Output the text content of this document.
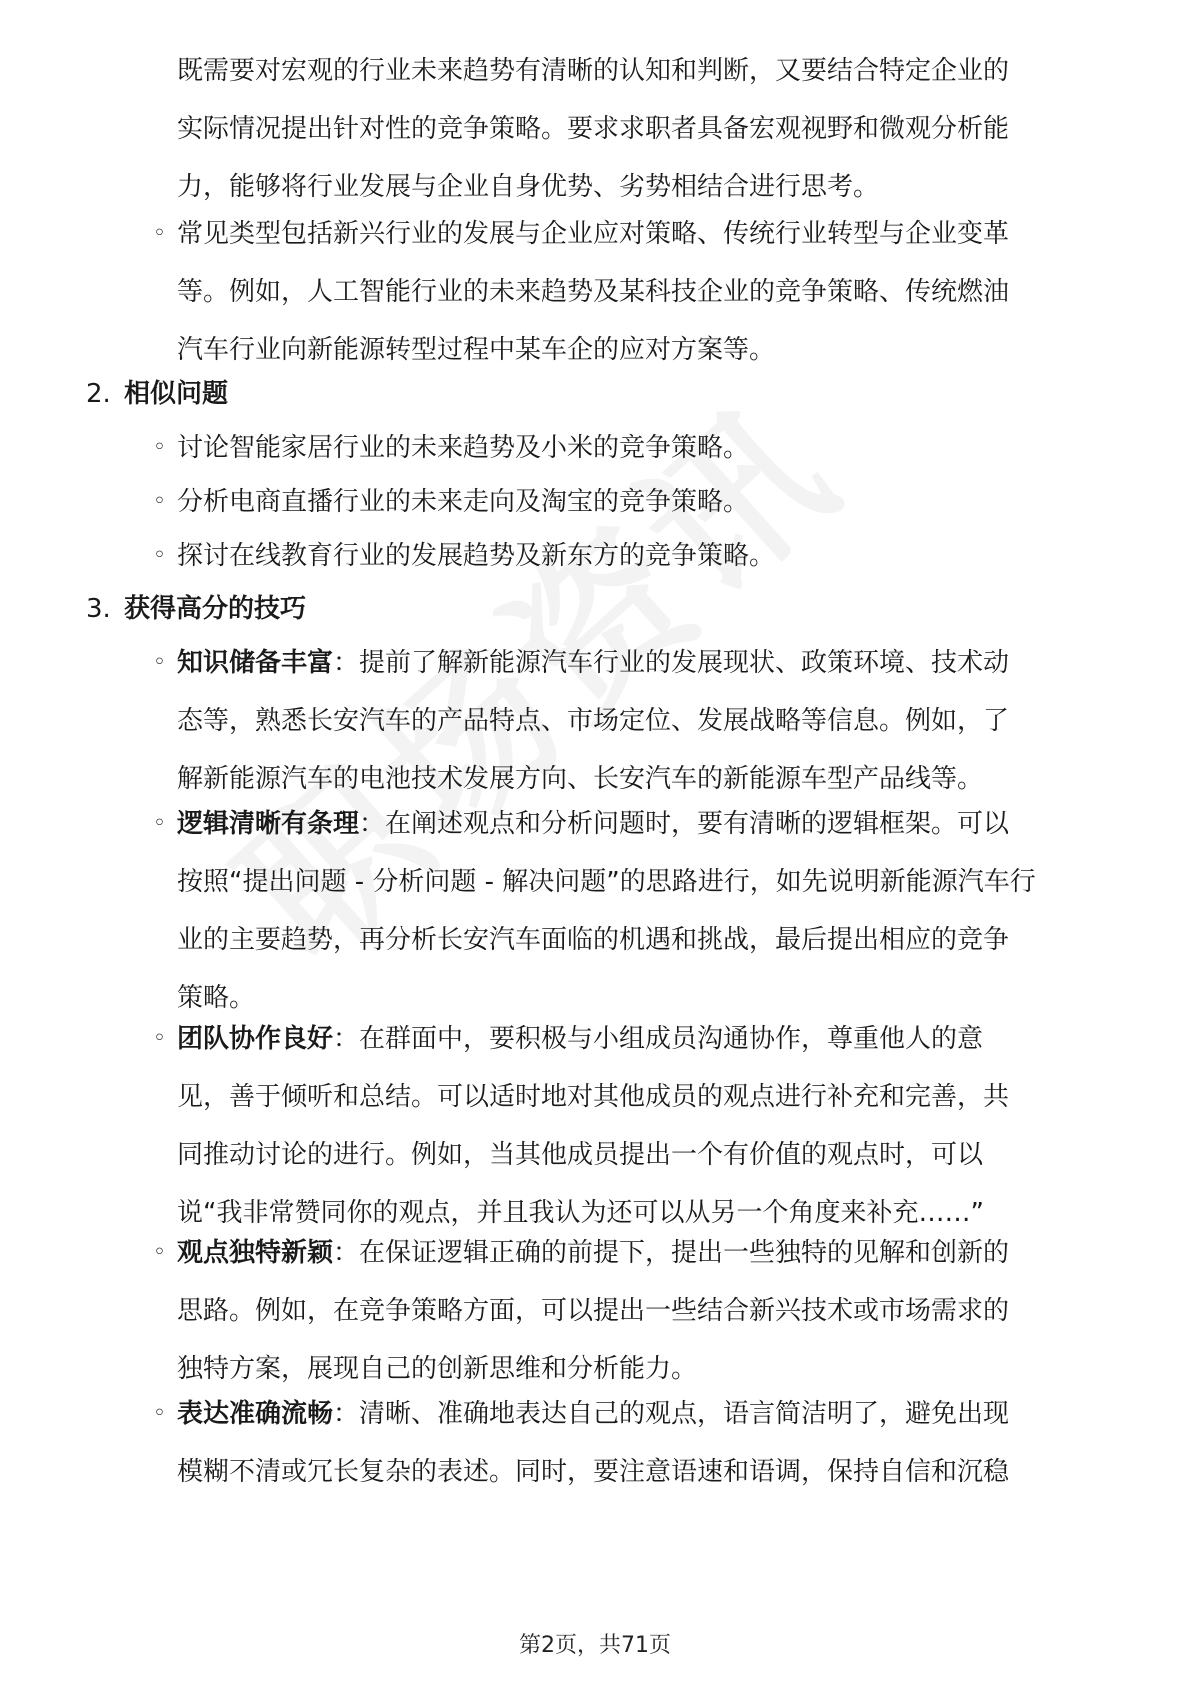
既需要对宏观的行业未来趋势有清晰的认知和判断，又要结合特定企业的
实际情况提出针对性的竞争策略。要求求职者具备宏观视野和微观分析能
力，能够将行业发展与企业自身优势、劣势相结合进行思考。
◦ 常见类型包括新兴行业的发展与企业应对策略、传统行业转型与企业变革
等。例如，人工智能行业的未来趋势及某科技企业的竞争策略、传统燃油
汽车行业向新能源转型过程中某车企的应对方案等。
2. 相似问题
◦ 讨论智能家居行业的未来趋势及小米的竞争策略。
◦ 分析电商直播行业的未来走向及淘宝的竞争策略。
◦ 探讨在线教育行业的发展趋势及新东方的竞争策略。
3. 获得高分的技巧
◦ 知识储备丰富：提前了解新能源汽车行业的发展现状、政策环境、技术动
态等，熟悉长安汽车的产品特点、市场定位、发展战略等信息。例如，了
解新能源汽车的电池技术发展方向、长安汽车的新能源车型产品线等。
◦ 逻辑清晰有条理：在阐述观点和分析问题时，要有清晰的逻辑框架。可以
按照“提出问题 - 分析问题 - 解决问题”的思路进行，如先说明新能源汽车行
业的主要趋势，再分析长安汽车面临的机遇和挑战，最后提出相应的竞争
策略。
◦ 团队协作良好：在群面中，要积极与小组成员沟通协作，尊重他人的意
见，善于倾听和总结。可以适时地对其他成员的观点进行补充和完善，共
同推动讨论的进行。例如，当其他成员提出一个有价值的观点时，可以
说“我非常赞同你的观点，并且我认为还可以从另一个角度来补充……”
◦ 观点独特新颖：在保证逻辑正确的前提下，提出一些独特的见解和创新的
思路。例如，在竞争策略方面，可以提出一些结合新兴技术或市场需求的
独特方案，展现自己的创新思维和分析能力。
◦ 表达准确流畅：清晰、准确地表达自己的观点，语言简洁明了，避免出现
模糊不清或冗长复杂的表述。同时，要注意语速和语调，保持自信和沉稳
第2页，共71页
